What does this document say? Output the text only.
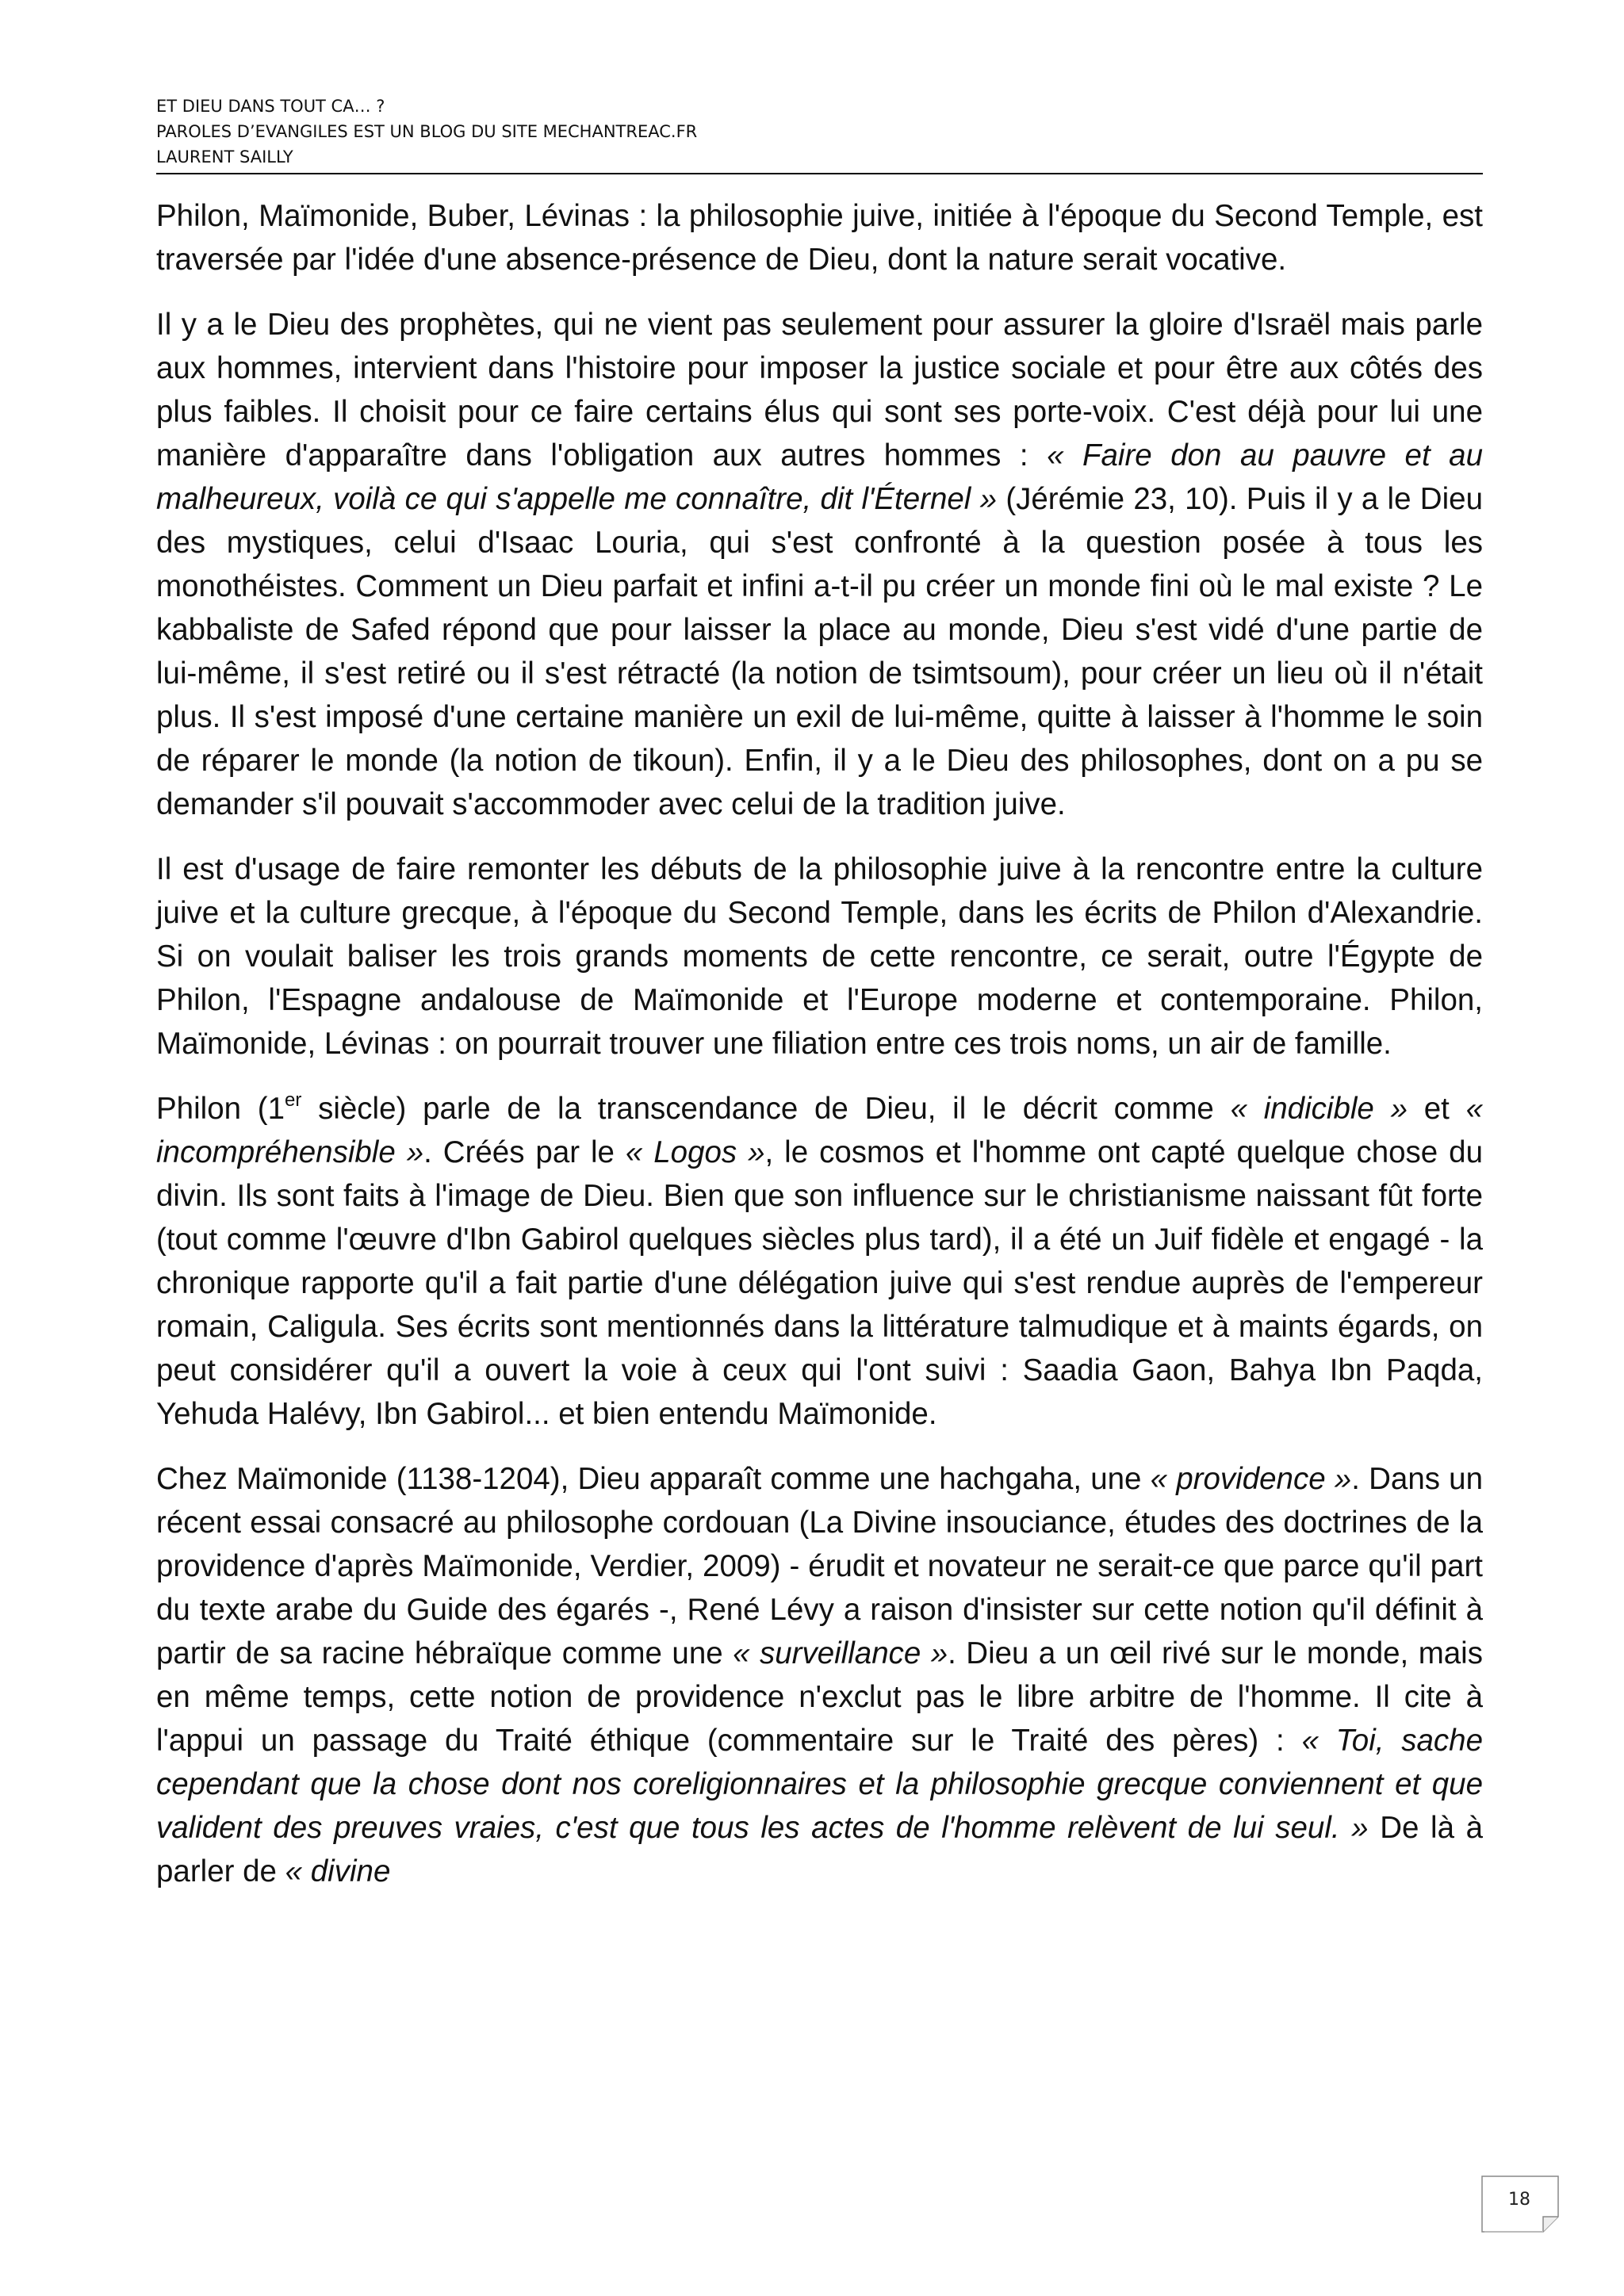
ET DIEU DANS TOUT CA… ?
PAROLES D’EVANGILES EST UN BLOG DU SITE MECHANTREAC.FR
LAURENT SAILLY

Philon, Maïmonide, Buber, Lévinas : la philosophie juive, initiée à l'époque du Second Temple, est traversée par l'idée d'une absence-présence de Dieu, dont la nature serait vocative.

Il y a le Dieu des prophètes, qui ne vient pas seulement pour assurer la gloire d'Israël mais parle aux hommes, intervient dans l'histoire pour imposer la justice sociale et pour être aux côtés des plus faibles. Il choisit pour ce faire certains élus qui sont ses porte-voix. C'est déjà pour lui une manière d'apparaître dans l'obligation aux autres hommes : « Faire don au pauvre et au malheureux, voilà ce qui s'appelle me connaître, dit l'Éternel » (Jérémie 23, 10). Puis il y a le Dieu des mystiques, celui d'Isaac Louria, qui s'est confronté à la question posée à tous les monothéistes. Comment un Dieu parfait et infini a-t-il pu créer un monde fini où le mal existe ? Le kabbaliste de Safed répond que pour laisser la place au monde, Dieu s'est vidé d'une partie de lui-même, il s'est retiré ou il s'est rétracté (la notion de tsimtsoum), pour créer un lieu où il n'était plus. Il s'est imposé d'une certaine manière un exil de lui-même, quitte à laisser à l'homme le soin de réparer le monde (la notion de tikoun). Enfin, il y a le Dieu des philosophes, dont on a pu se demander s'il pouvait s'accommoder avec celui de la tradition juive.

Il est d'usage de faire remonter les débuts de la philosophie juive à la rencontre entre la culture juive et la culture grecque, à l'époque du Second Temple, dans les écrits de Philon d'Alexandrie. Si on voulait baliser les trois grands moments de cette rencontre, ce serait, outre l'Égypte de Philon, l'Espagne andalouse de Maïmonide et l'Europe moderne et contemporaine. Philon, Maïmonide, Lévinas : on pourrait trouver une filiation entre ces trois noms, un air de famille.

Philon (1er siècle) parle de la transcendance de Dieu, il le décrit comme « indicible » et « incompréhensible ». Créés par le « Logos », le cosmos et l'homme ont capté quelque chose du divin. Ils sont faits à l'image de Dieu. Bien que son influence sur le christianisme naissant fût forte (tout comme l'œuvre d'Ibn Gabirol quelques siècles plus tard), il a été un Juif fidèle et engagé - la chronique rapporte qu'il a fait partie d'une délégation juive qui s'est rendue auprès de l'empereur romain, Caligula. Ses écrits sont mentionnés dans la littérature talmudique et à maints égards, on peut considérer qu'il a ouvert la voie à ceux qui l'ont suivi : Saadia Gaon, Bahya Ibn Paqda, Yehuda Halévy, Ibn Gabirol... et bien entendu Maïmonide.

Chez Maïmonide (1138-1204), Dieu apparaît comme une hachgaha, une « providence ». Dans un récent essai consacré au philosophe cordouan (La Divine insouciance, études des doctrines de la providence d'après Maïmonide, Verdier, 2009) - érudit et novateur ne serait-ce que parce qu'il part du texte arabe du Guide des égarés -, René Lévy a raison d'insister sur cette notion qu'il définit à partir de sa racine hébraïque comme une « surveillance ». Dieu a un œil rivé sur le monde, mais en même temps, cette notion de providence n'exclut pas le libre arbitre de l'homme. Il cite à l'appui un passage du Traité éthique (commentaire sur le Traité des pères) : « Toi, sache cependant que la chose dont nos coreligionnaires et la philosophie grecque conviennent et que valident des preuves vraies, c'est que tous les actes de l'homme relèvent de lui seul. » De là à parler de « divine

18
